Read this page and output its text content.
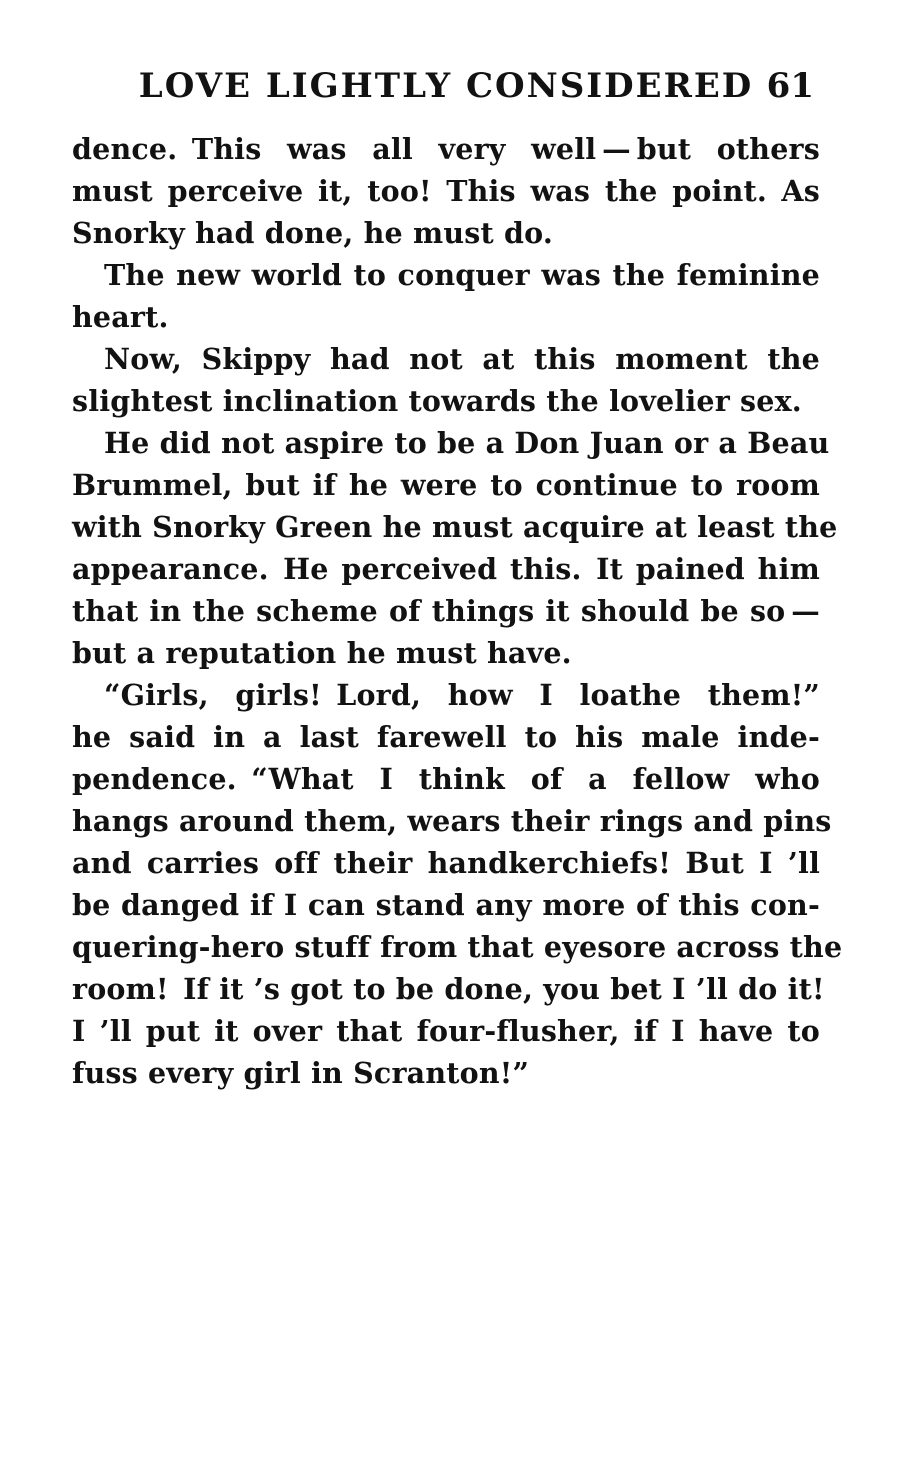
LOVE LIGHTLY CONSIDERED 61
dence. This was all very well — but others
must perceive it, too! This was the point. As
Snorky had done, he must do.
The new world to conquer was the feminine
heart.
Now, Skippy had not at this moment the
slightest inclination towards the lovelier sex.
He did not aspire to be a Don Juan or a Beau
Brummel, but if he were to continue to room
with Snorky Green he must acquire at least the
appearance. He perceived this. It pained him
that in the scheme of things it should be so —
but a reputation he must have.
“Girls, girls! Lord, how I loathe them!”
he said in a last farewell to his male inde-
pendence. “What I think of a fellow who
hangs around them, wears their rings and pins
and carries off their handkerchiefs! But I ’ll
be danged if I can stand any more of this con-
quering-hero stuff from that eyesore across the
room! If it ’s got to be done, you bet I ’ll do it!
I ’ll put it over that four-flusher, if I have to
fuss every girl in Scranton!”
